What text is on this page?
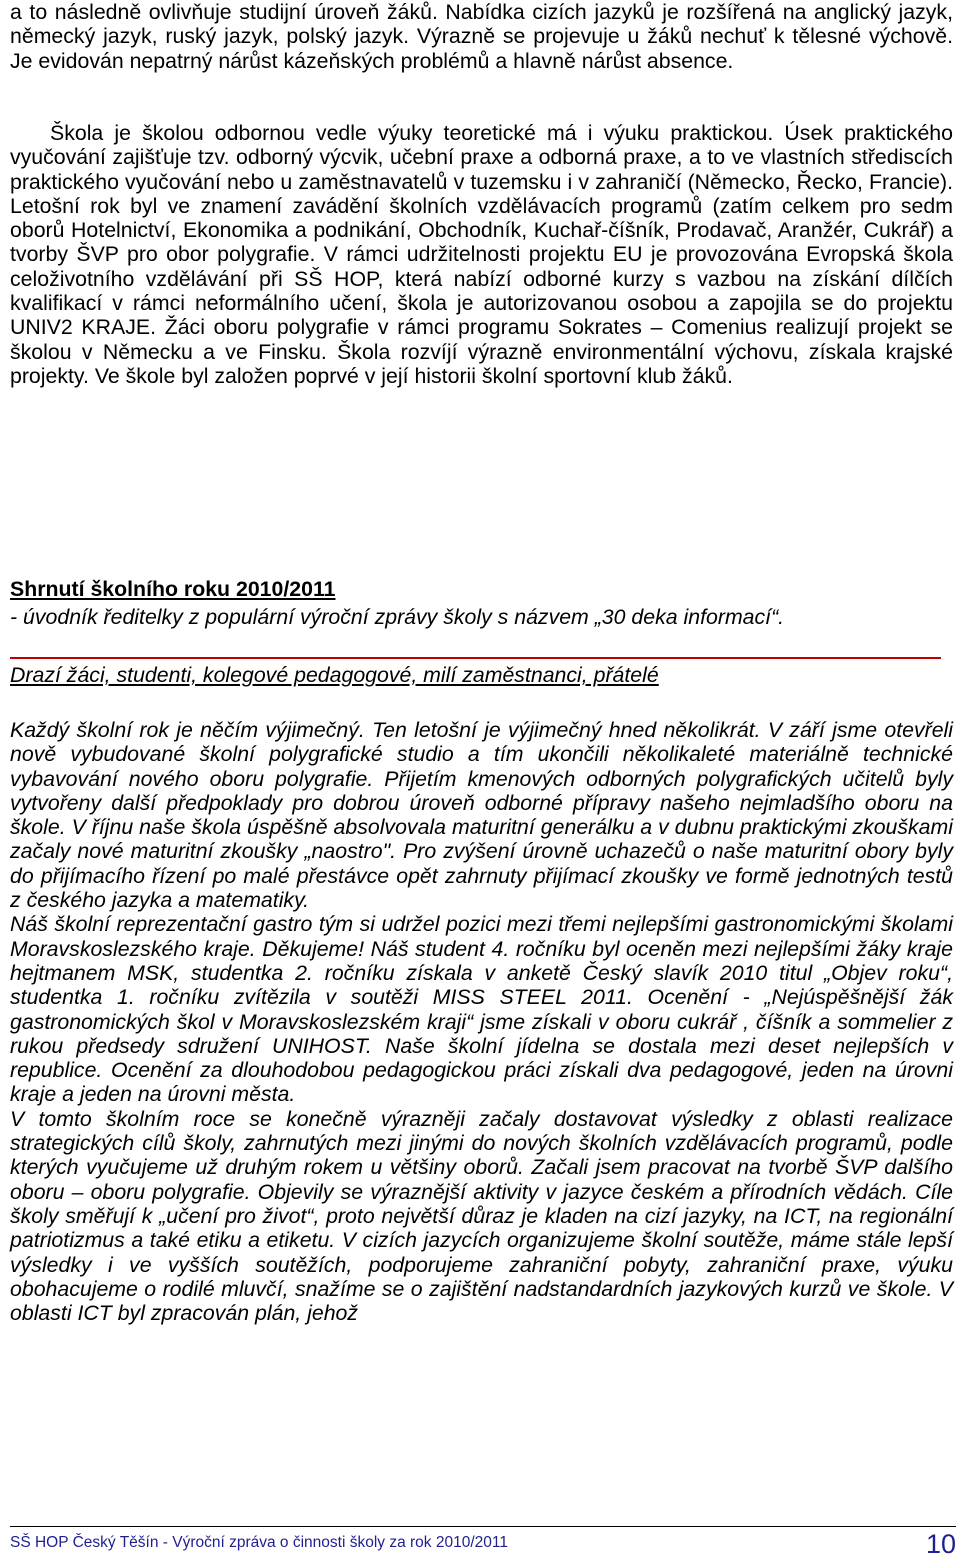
a to následně ovlivňuje studijní úroveň žáků. Nabídka cizích jazyků je rozšířená na anglický jazyk, německý jazyk, ruský jazyk, polský jazyk. Výrazně se projevuje u žáků nechuť k tělesné výchově. Je evidován nepatrný nárůst kázeňských problémů a hlavně nárůst absence.

Škola je školou odbornou vedle výuky teoretické má i výuku praktickou. Úsek praktického vyučování zajišťuje tzv. odborný výcvik, učební praxe a odborná praxe, a to ve vlastních střediscích praktického vyučování nebo u zaměstnavatelů v tuzemsku i v zahraničí (Německo, Řecko, Francie). Letošní rok byl ve znamení zavádění školních vzdělávacích programů (zatím celkem pro sedm oborů Hotelnictví, Ekonomika a podnikání, Obchodník, Kuchař-číšník, Prodavač, Aranžér, Cukrář) a tvorby ŠVP pro obor polygrafie. V rámci udržitelnosti projektu EU je provozována Evropská škola celoživotního vzdělávání při SŠ HOP, která nabízí odborné kurzy s vazbou na získání dílčích kvalifikací v rámci neformálního učení, škola je autorizovanou osobou a zapojila se do projektu UNIV2 KRAJE. Žáci oboru polygrafie v rámci programu Sokrates – Comenius realizují projekt se školou v Německu a ve Finsku. Škola rozvíjí výrazně environmentální výchovu, získala krajské projekty. Ve škole byl založen poprvé v její historii školní sportovní klub žáků.

Shrnutí školního roku 2010/2011
- úvodník ředitelky z populární výroční zprávy školy s názvem „30 deka informací“.
Drazí žáci, studenti, kolegové pedagogové, milí zaměstnanci, přátelé

Každý školní rok je něčím výjimečný. Ten letošní je výjimečný hned několikrát. V září jsme otevřeli nově vybudované školní polygrafické studio a tím ukončili několikaleté materiálně technické vybavování nového oboru polygrafie. Přijetím kmenových odborných polygrafických učitelů byly vytvořeny další předpoklady pro dobrou úroveň odborné přípravy našeho nejmladšího oboru na škole. V říjnu naše škola úspěšně absolvovala maturitní generálku a v dubnu praktickými zkouškami začaly nové maturitní zkoušky „naostro". Pro zvýšení úrovně uchazečů o naše maturitní obory byly do přijímacího řízení po malé přestávce opět zahrnuty přijímací zkoušky ve formě jednotných testů z českého jazyka a matematiky.

Náš školní reprezentační gastro tým si udržel pozici mezi třemi nejlepšími gastronomickými školami Moravskoslezského kraje. Děkujeme! Náš student 4. ročníku byl oceněn mezi nejlepšími žáky kraje hejtmanem MSK, studentka 2. ročníku získala v anketě Český slavík 2010 titul „Objev roku“, studentka 1. ročníku zvítězila v soutěži MISS STEEL 2011. Ocenění - „Nejúspěšnější žák gastronomických škol v Moravskoslezském kraji“ jsme získali v oboru cukrář , číšník a sommelier z rukou předsedy sdružení UNIHOST. Naše školní jídelna se dostala mezi deset nejlepších v republice. Ocenění za dlouhodobou pedagogickou práci získali dva pedagogové, jeden na úrovni kraje a jeden na úrovni města.

V tomto školním roce se konečně výrazněji začaly dostavovat výsledky z oblasti realizace strategických cílů školy, zahrnutých mezi jinými do nových školních vzdělávacích programů, podle kterých vyučujeme už druhým rokem u většiny oborů. Začali jsem pracovat na tvorbě ŠVP dalšího oboru – oboru polygrafie. Objevily se výraznější aktivity v jazyce českém a přírodních vědách. Cíle školy směřují k „učení pro život“, proto největší důraz je kladen na cizí jazyky, na ICT, na regionální patriotizmus a také etiku a etiketu. V cizích jazycích organizujeme školní soutěže, máme stále lepší výsledky i ve vyšších soutěžích, podporujeme zahraniční pobyty, zahraniční praxe, výuku obohacujeme o rodilé mluvčí, snažíme se o zajištění nadstandardních jazykových kurzů ve škole. V oblasti ICT byl zpracován plán, jehož

SŠ HOP Český Těšín - Výroční zpráva o činnosti školy za rok 2010/2011	10
